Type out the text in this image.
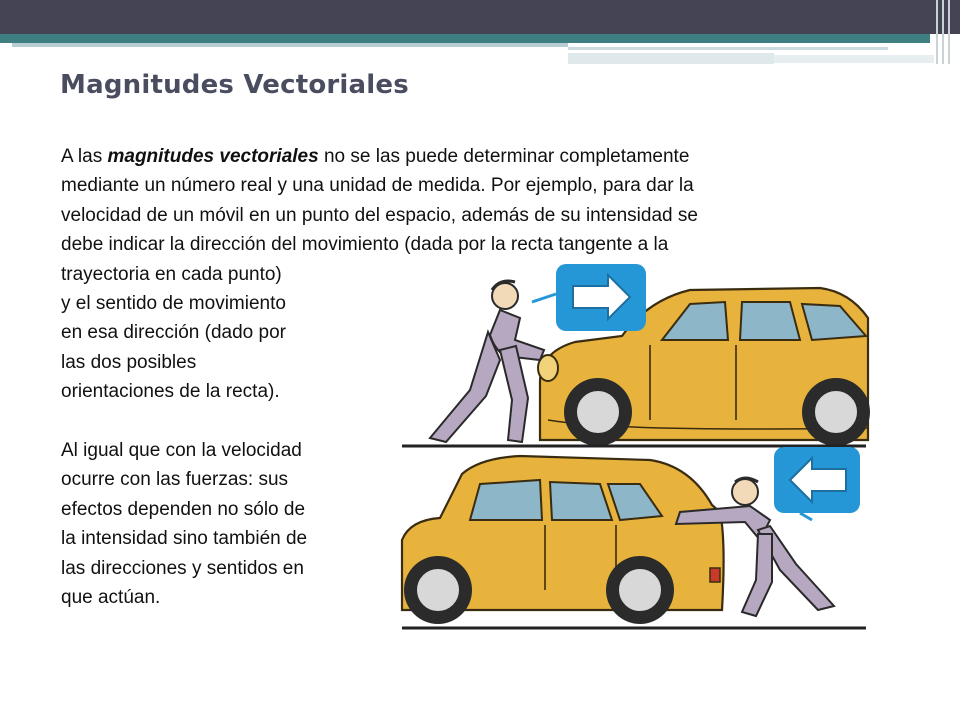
Magnitudes Vectoriales

A las magnitudes vectoriales no se las puede determinar completamente

mediante un número real y una unidad de medida. Por ejemplo, para dar la

velocidad de un móvil en un punto del espacio, además de su intensidad se

debe indicar la dirección del movimiento (dada por la recta tangente a la

trayectoria en cada punto)

y el sentido de movimiento

en esa dirección (dado por

las dos posibles

orientaciones de la recta).

Al igual que con la velocidad

ocurre con las fuerzas: sus

efectos dependen no sólo de

la intensidad sino también de

las direcciones y sentidos en

que actúan.
